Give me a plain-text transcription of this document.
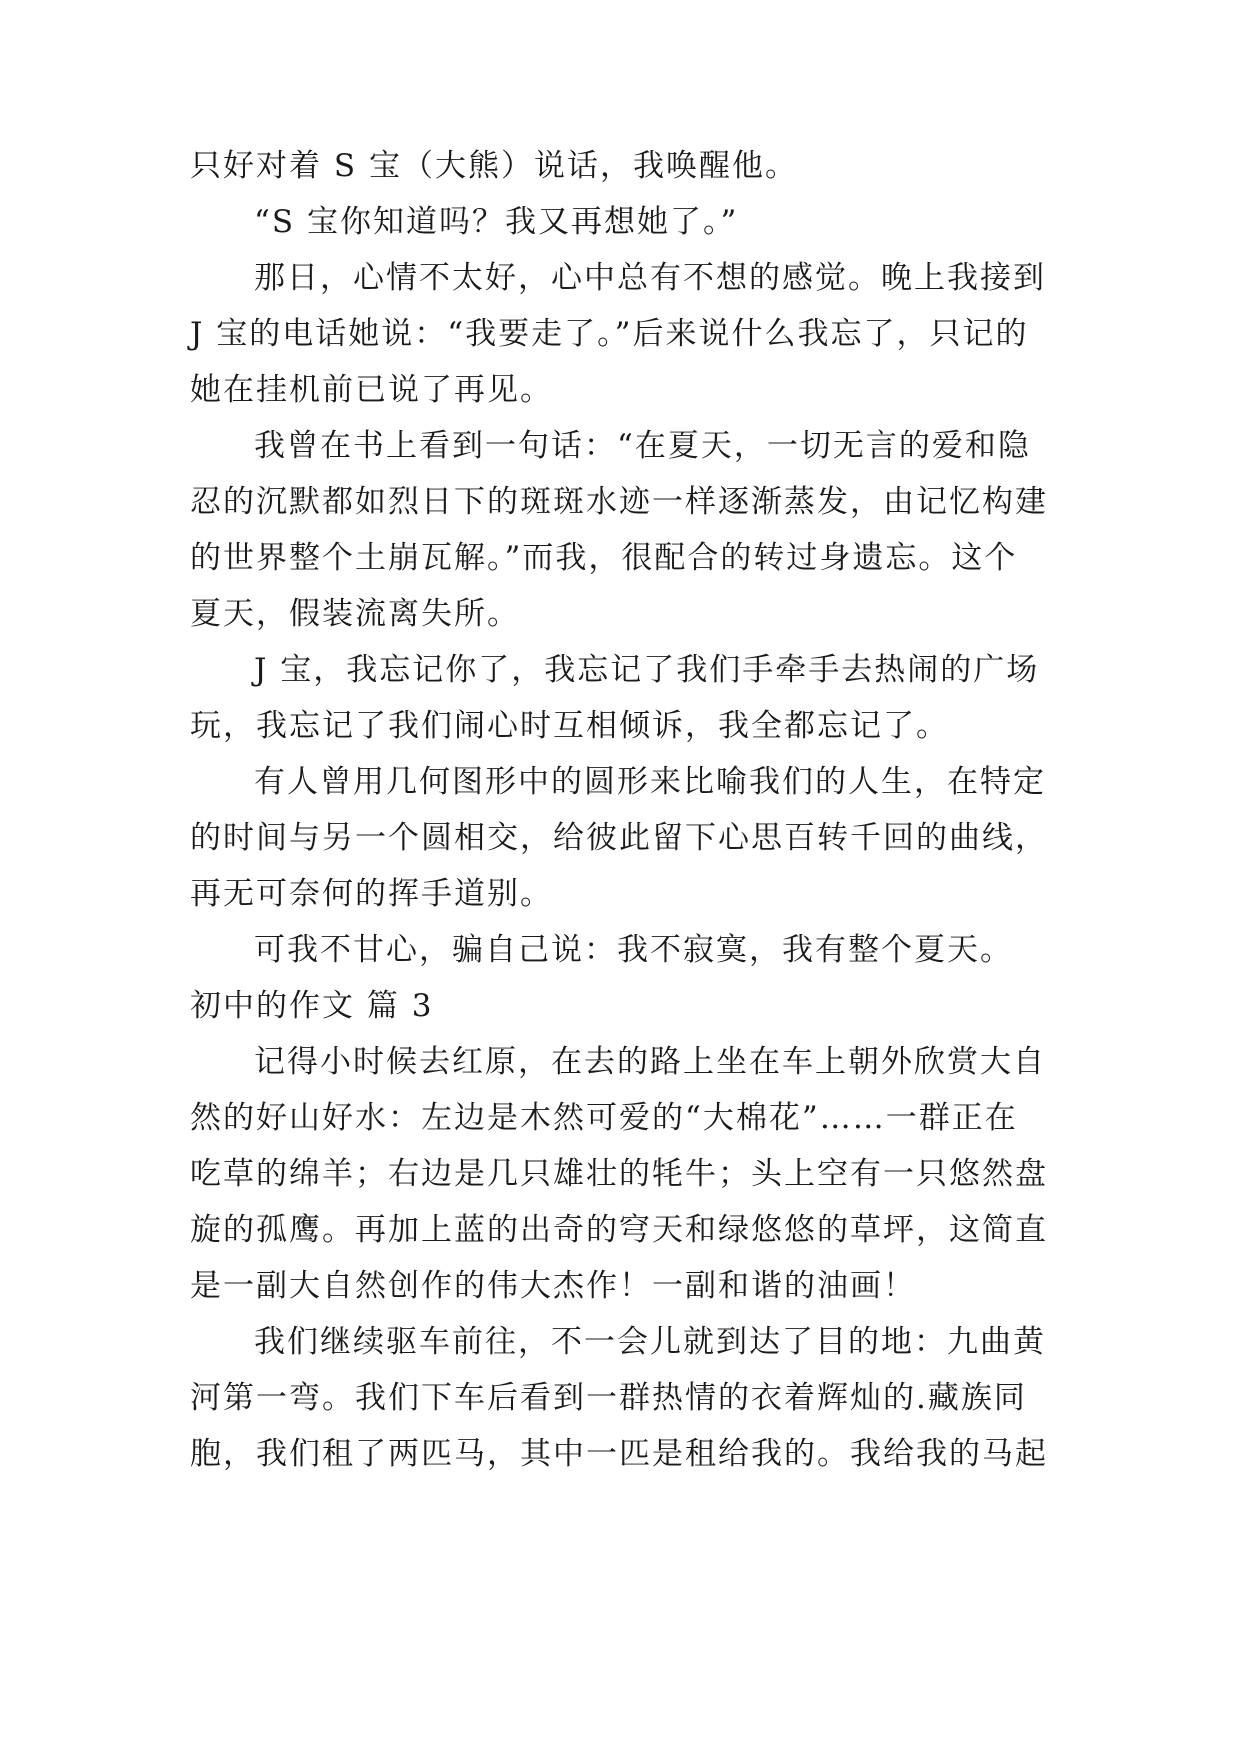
只好对着 S 宝（大熊）说话，我唤醒他。
“S 宝你知道吗？我又再想她了。”
那日，心情不太好，心中总有不想的感觉。晚上我接到
J 宝的电话她说：“我要走了。”后来说什么我忘了，只记的
她在挂机前已说了再见。
我曾在书上看到一句话：“在夏天，一切无言的爱和隐
忍的沉默都如烈日下的斑斑水迹一样逐渐蒸发，由记忆构建
的世界整个土崩瓦解。”而我，很配合的转过身遗忘。这个
夏天，假装流离失所。
J 宝，我忘记你了，我忘记了我们手牵手去热闹的广场
玩，我忘记了我们闹心时互相倾诉，我全都忘记了。
有人曾用几何图形中的圆形来比喻我们的人生，在特定
的时间与另一个圆相交，给彼此留下心思百转千回的曲线，
再无可奈何的挥手道别。
可我不甘心，骗自己说：我不寂寞，我有整个夏天。
初中的作文 篇 3
记得小时候去红原，在去的路上坐在车上朝外欣赏大自
然的好山好水：左边是木然可爱的“大棉花”……一群正在
吃草的绵羊；右边是几只雄壮的牦牛；头上空有一只悠然盘
旋的孤鹰。再加上蓝的出奇的穹天和绿悠悠的草坪，这简直
是一副大自然创作的伟大杰作！一副和谐的油画！
我们继续驱车前往，不一会儿就到达了目的地：九曲黄
河第一弯。我们下车后看到一群热情的衣着辉灿的.藏族同
胞，我们租了两匹马，其中一匹是租给我的。我给我的马起
